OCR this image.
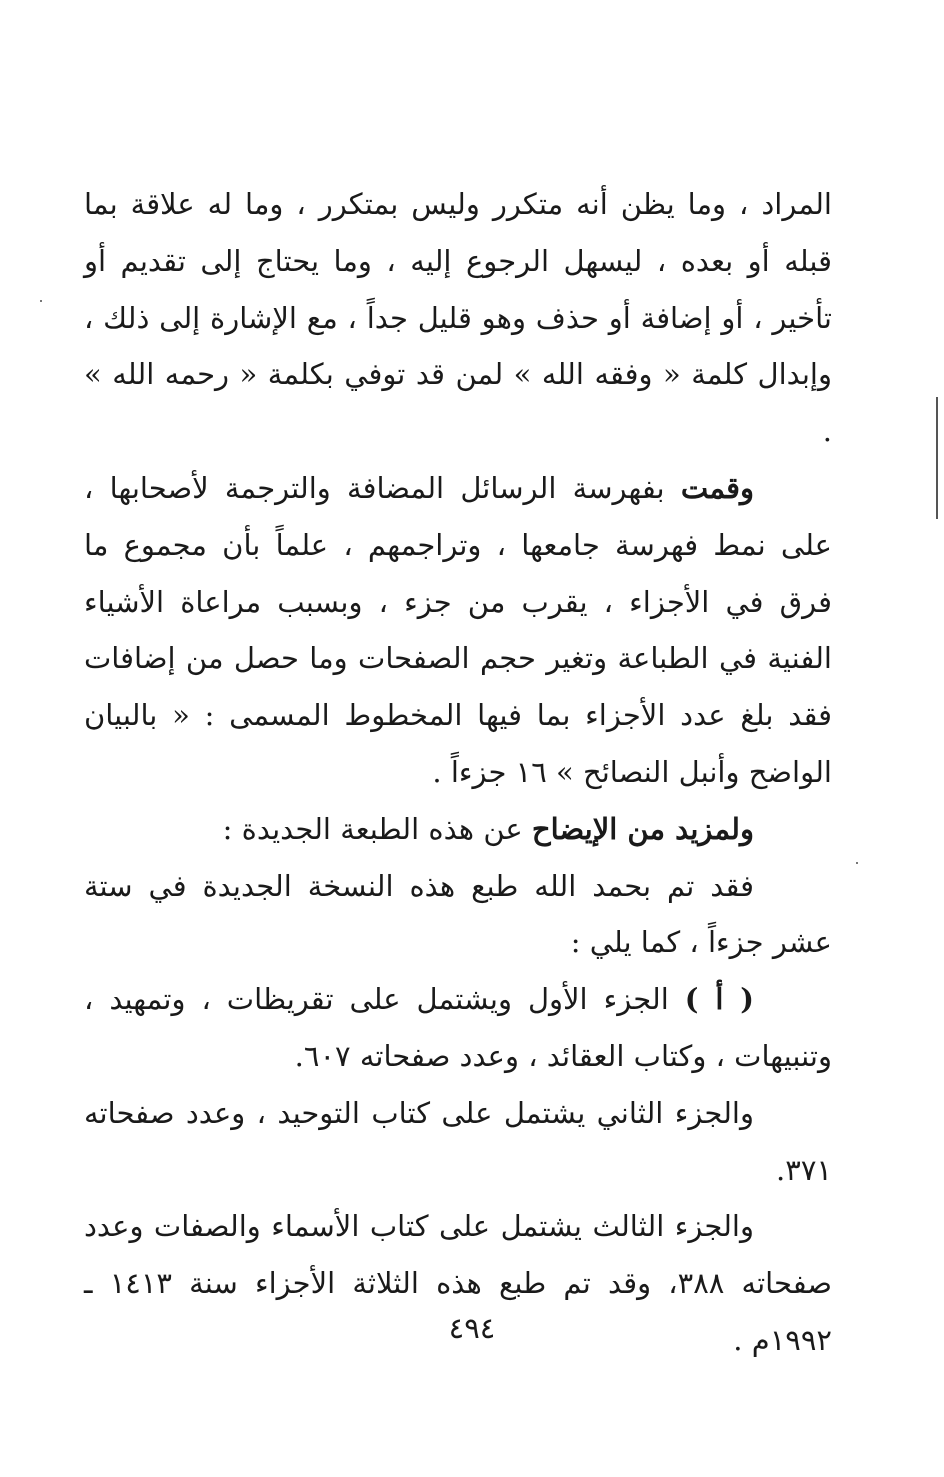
المراد ، وما يظن أنه متكرر وليس بمتكرر ، وما له علاقة بما قبله أو بعده ، ليسهل الرجوع إليه ، وما يحتاج إلى تقديم أو تأخير ، أو إضافة أو حذف وهو قليل جداً ، مع الإشارة إلى ذلك ، وإبدال كلمة « وفقه الله » لمن قد توفي بكلمة « رحمه الله » .

وقمت بفهرسة الرسائل المضافة والترجمة لأصحابها ، على نمط فهرسة جامعها ، وتراجمهم ، علماً بأن مجموع ما فرق في الأجزاء ، يقرب من جزء ، وبسبب مراعاة الأشياء الفنية في الطباعة وتغير حجم الصفحات وما حصل من إضافات فقد بلغ عدد الأجزاء بما فيها المخطوط المسمى : « بالبيان الواضح وأنبل النصائح » ١٦ جزءاً .

ولمزيد من الإيضاح عن هذه الطبعة الجديدة :

فقد تم بحمد الله طبع هذه النسخة الجديدة في ستة عشر جزءاً ، كما يلي :

( أ ) الجزء الأول ويشتمل على تقريظات ، وتمهيد ، وتنبيهات ، وكتاب العقائد ، وعدد صفحاته ٦٠٧.

والجزء الثاني يشتمل على كتاب التوحيد ، وعدد صفحاته ٣٧١.

والجزء الثالث يشتمل على كتاب الأسماء والصفات وعدد صفحاته ٣٨٨، وقد تم طبع هذه الثلاثة الأجزاء سنة ١٤١٣ ـ ١٩٩٢م .

٤٩٤
